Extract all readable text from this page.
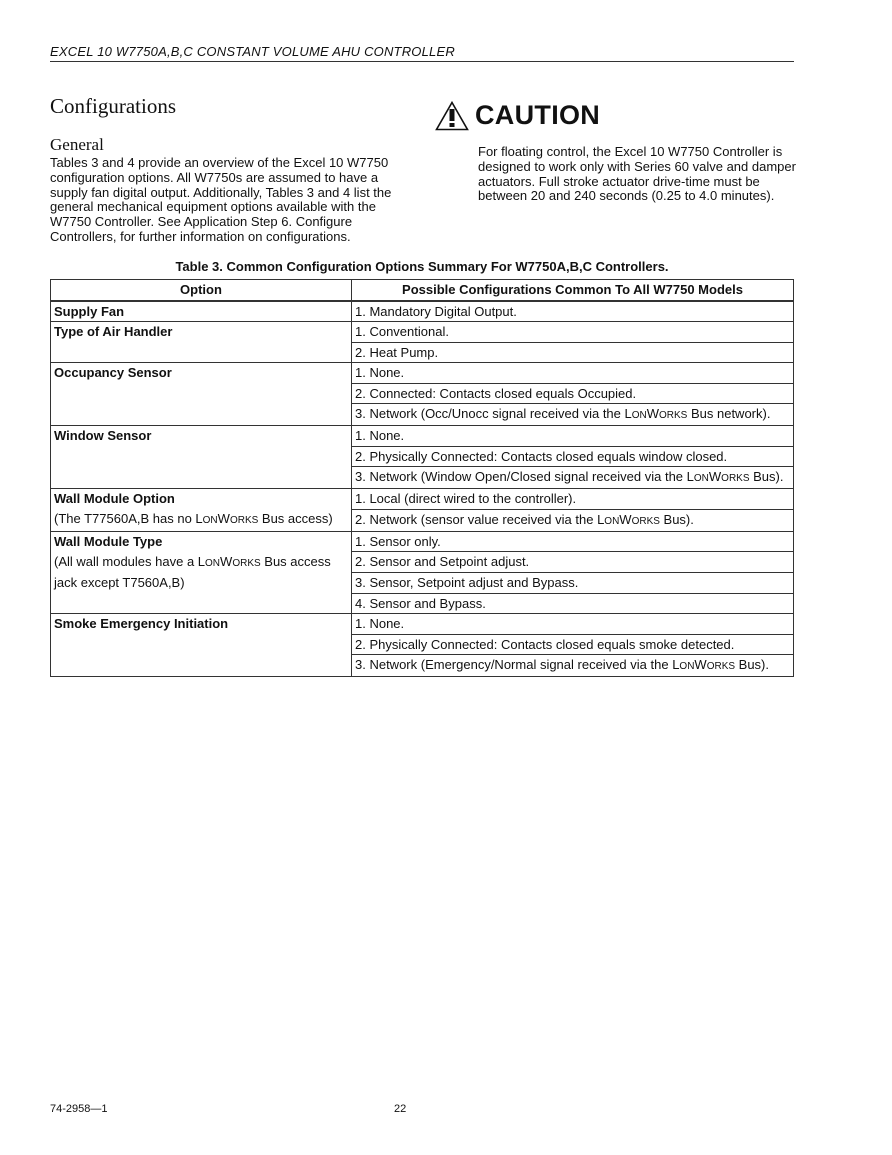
EXCEL 10 W7750A,B,C CONSTANT VOLUME AHU CONTROLLER
Configurations
General
Tables 3 and 4 provide an overview of the Excel 10 W7750 configuration options. All W7750s are assumed to have a supply fan digital output. Additionally, Tables 3 and 4 list the general mechanical equipment options available with the W7750 Controller. See Application Step 6. Configure Controllers, for further information on configurations.
CAUTION
For floating control, the Excel 10 W7750 Controller is designed to work only with Series 60 valve and damper actuators. Full stroke actuator drive-time must be between 20 and 240 seconds (0.25 to 4.0 minutes).
Table 3. Common Configuration Options Summary For W7750A,B,C Controllers.
Option	Possible Configurations Common To All W7750 Models
Supply Fan	1. Mandatory Digital Output.
Type of Air Handler	1. Conventional.
	2. Heat Pump.
Occupancy Sensor	1. None.
	2. Connected: Contacts closed equals Occupied.
	3. Network (Occ/Unocc signal received via the LONWORKS Bus network).
Window Sensor	1. None.
	2. Physically Connected: Contacts closed equals window closed.
	3. Network (Window Open/Closed signal received via the LONWORKS Bus).
Wall Module Option	1. Local (direct wired to the controller).
(The T77560A,B has no LONWORKS Bus access)	2. Network (sensor value received via the LONWORKS Bus).
Wall Module Type	1. Sensor only.
(All wall modules have a LONWORKS Bus access	2. Sensor and Setpoint adjust.
jack except T7560A,B)	3. Sensor, Setpoint adjust and Bypass.
	4. Sensor and Bypass.
Smoke Emergency Initiation	1. None.
	2. Physically Connected: Contacts closed equals smoke detected.
	3. Network (Emergency/Normal signal received via the LONWORKS Bus).
74-2958—1	22
